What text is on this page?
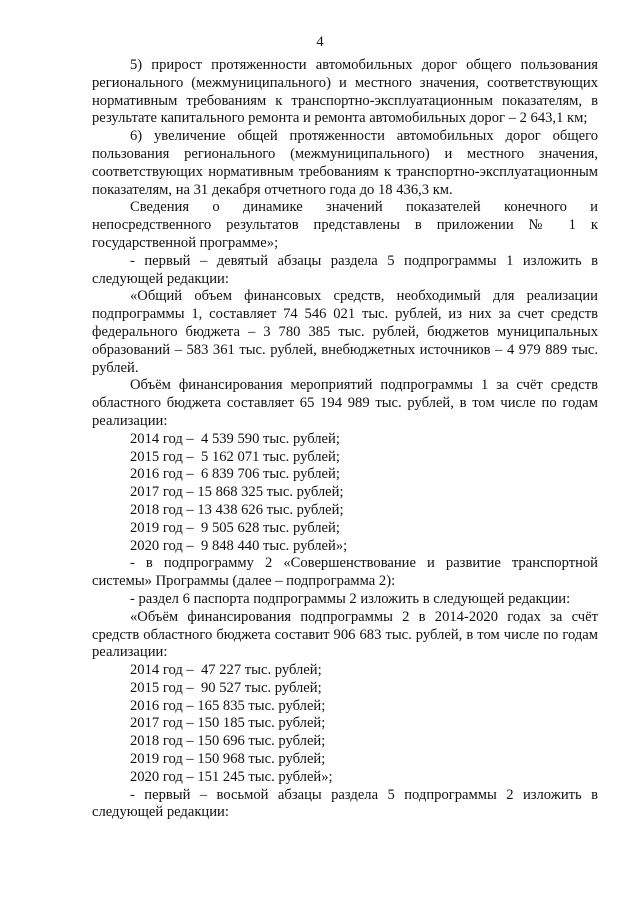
4

5) прирост протяженности автомобильных дорог общего пользования регионального (межмуниципального) и местного значения, соответствующих нормативным требованиям к транспортно-эксплуатационным показателям, в результате капитального ремонта и ремонта автомобильных дорог – 2 643,1 км;

6) увеличение общей протяженности автомобильных дорог общего пользования регионального (межмуниципального) и местного значения, соответствующих нормативным требованиям к транспортно-эксплуатационным показателям, на 31 декабря отчетного года до 18 436,3 км.

Сведения о динамике значений показателей конечного и непосредственного результатов представлены в приложении № 1 к государственной программе»;

- первый – девятый абзацы раздела 5 подпрограммы 1 изложить в следующей редакции:

«Общий объем финансовых средств, необходимый для реализации подпрограммы 1, составляет 74 546 021 тыс. рублей, из них за счет средств федерального бюджета – 3 780 385 тыс. рублей, бюджетов муниципальных образований – 583 361 тыс. рублей, внебюджетных источников – 4 979 889 тыс. рублей.

Объём финансирования мероприятий подпрограммы 1 за счёт средств областного бюджета составляет 65 194 989 тыс. рублей, в том числе по годам реализации:

2014 год –  4 539 590 тыс. рублей;
2015 год –  5 162 071 тыс. рублей;
2016 год –  6 839 706 тыс. рублей;
2017 год – 15 868 325 тыс. рублей;
2018 год – 13 438 626 тыс. рублей;
2019 год –  9 505 628 тыс. рублей;
2020 год –  9 848 440 тыс. рублей»;

- в подпрограмму 2 «Совершенствование и развитие транспортной системы» Программы (далее – подпрограмма 2):

- раздел 6 паспорта подпрограммы 2 изложить в следующей редакции:

«Объём финансирования подпрограммы 2 в 2014-2020 годах за счёт средств областного бюджета составит 906 683 тыс. рублей, в том числе по годам реализации:

2014 год –  47 227 тыс. рублей;
2015 год –  90 527 тыс. рублей;
2016 год – 165 835 тыс. рублей;
2017 год – 150 185 тыс. рублей;
2018 год – 150 696 тыс. рублей;
2019 год – 150 968 тыс. рублей;
2020 год – 151 245 тыс. рублей»;

- первый – восьмой абзацы раздела 5 подпрограммы 2 изложить в следующей редакции:
